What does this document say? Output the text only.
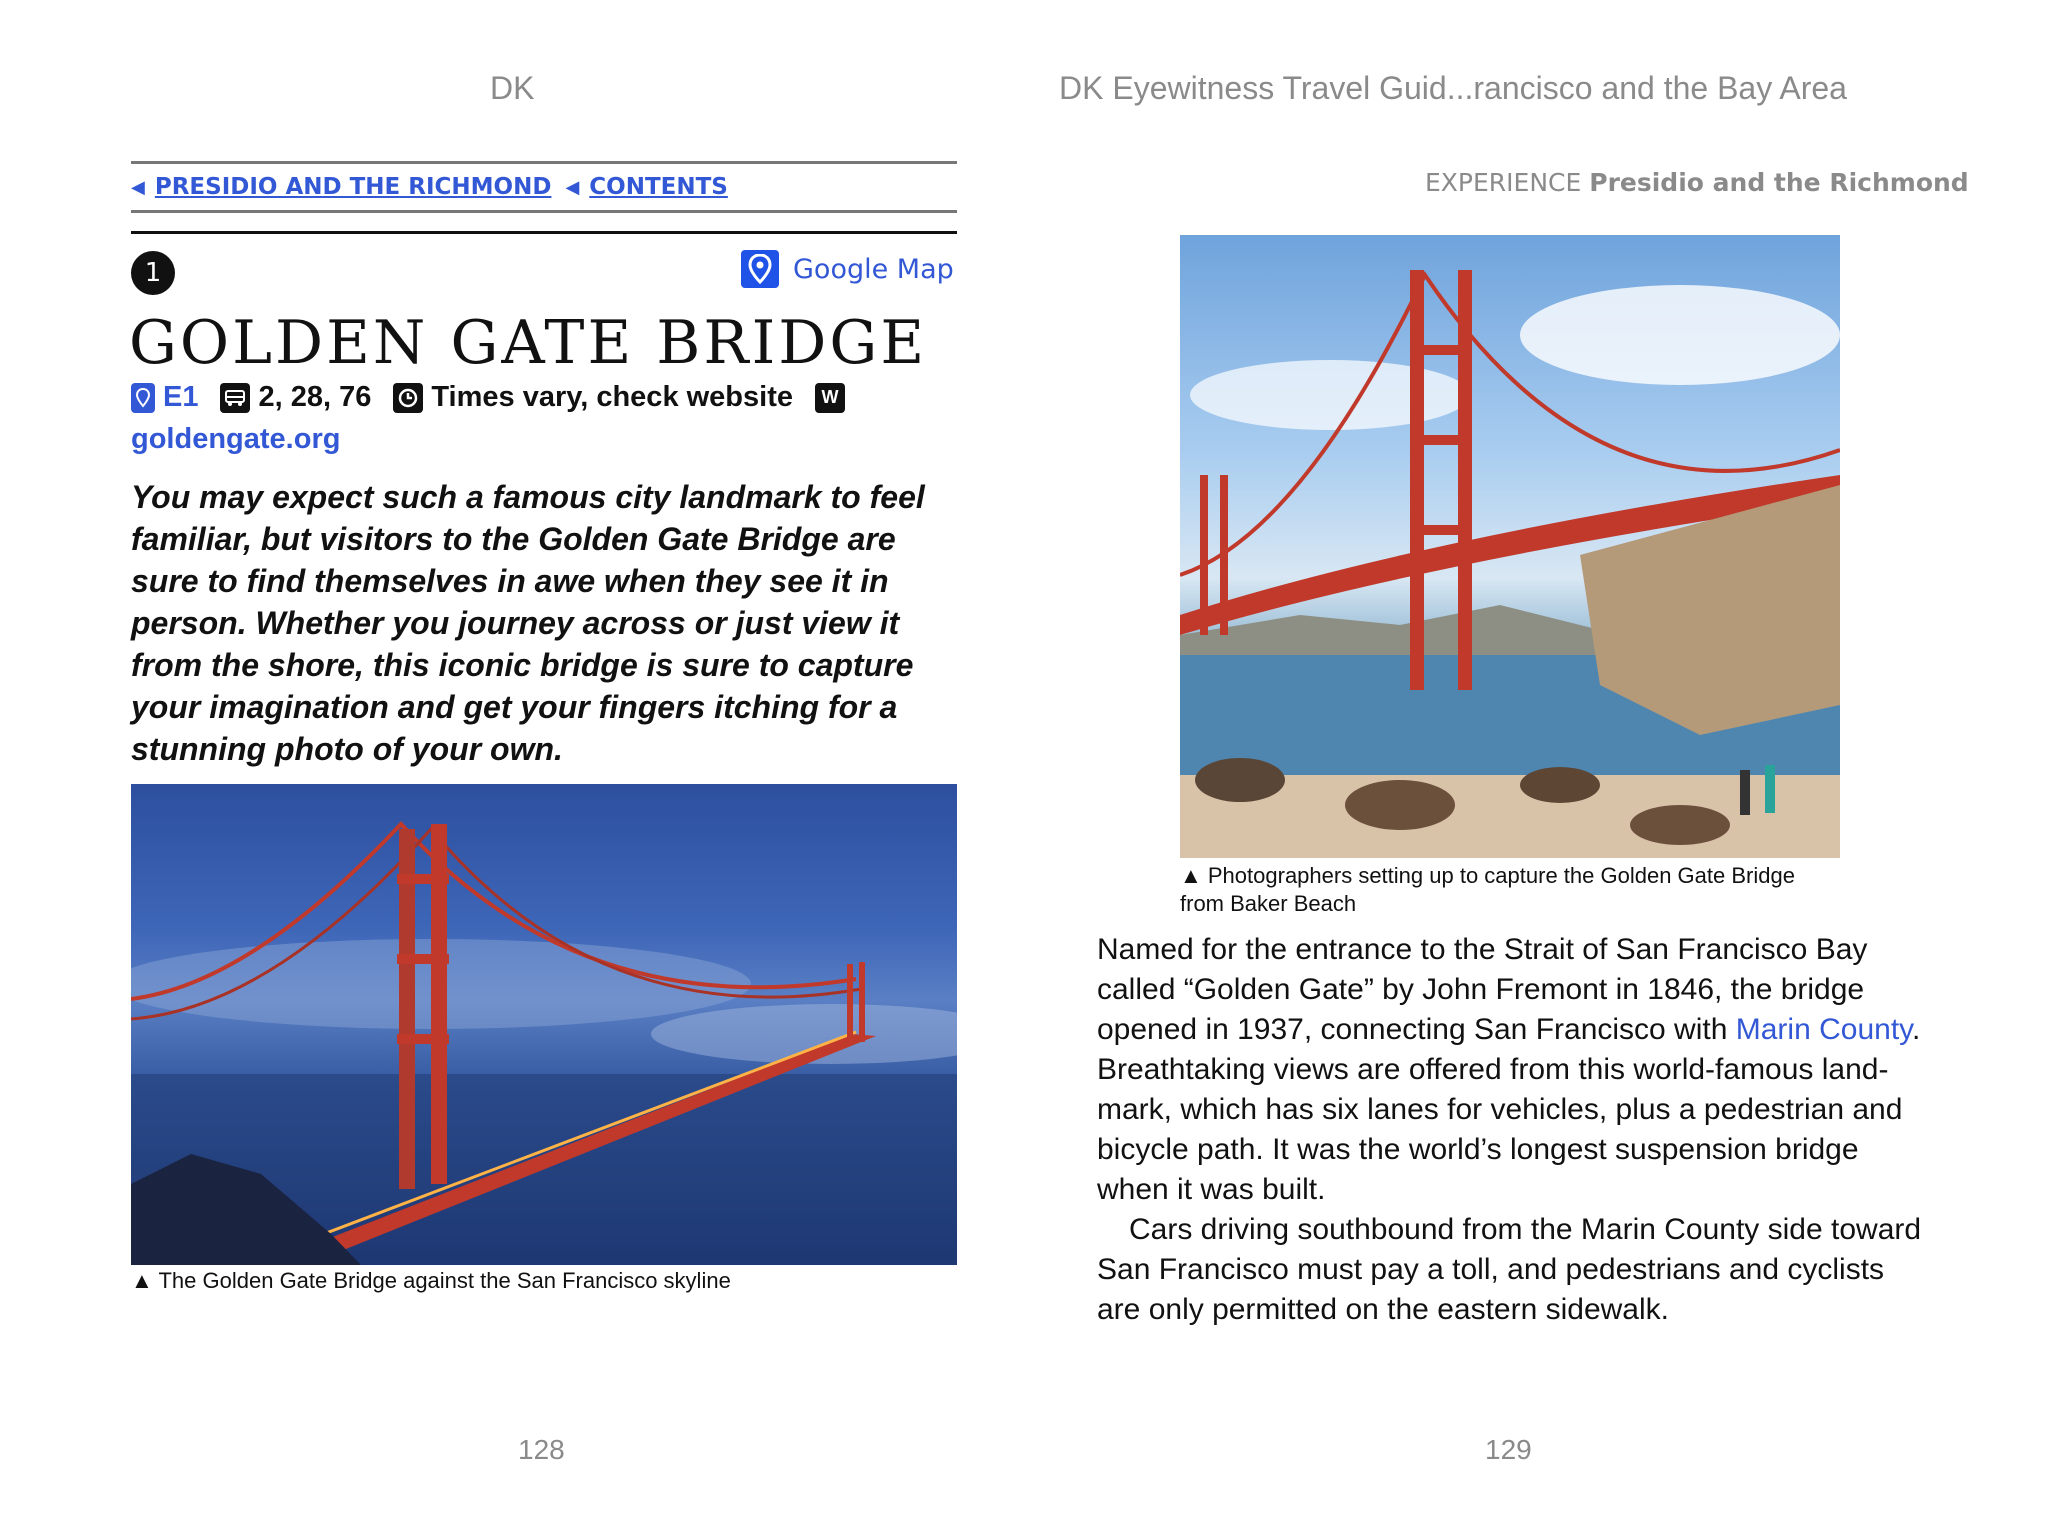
DK	DK Eyewitness Travel Guid...rancisco and the Bay Area
◀ PRESIDIO AND THE RICHMOND ◀ CONTENTS
1	Google Map
GOLDEN GATE BRIDGE
E1 2, 28, 76 Times vary, check website	W
goldengate.org
You may expect such a famous city landmark to feel familiar, but visitors to the Golden Gate Bridge are sure to find themselves in awe when they see it in person. Whether you journey across or just view it from the shore, this iconic bridge is sure to capture your imagination and get your fingers itching for a stunning photo of your own.
▲ The Golden Gate Bridge against the San Francisco skyline
128
EXPERIENCE Presidio and the Richmond
▲ Photographers setting up to capture the Golden Gate Bridge from Baker Beach

Named for the entrance to the Strait of San Francisco Bay called “Golden Gate” by John Fremont in 1846, the bridge opened in 1937, connecting San Francisco with Marin County. Breathtaking views are offered from this world-famous land-mark, which has six lanes for vehicles, plus a pedestrian and bicycle path. It was the world’s longest suspension bridge when it was built.

Cars driving southbound from the Marin County side toward San Francisco must pay a toll, and pedestrians and cyclists are only permitted on the eastern sidewalk.

129
